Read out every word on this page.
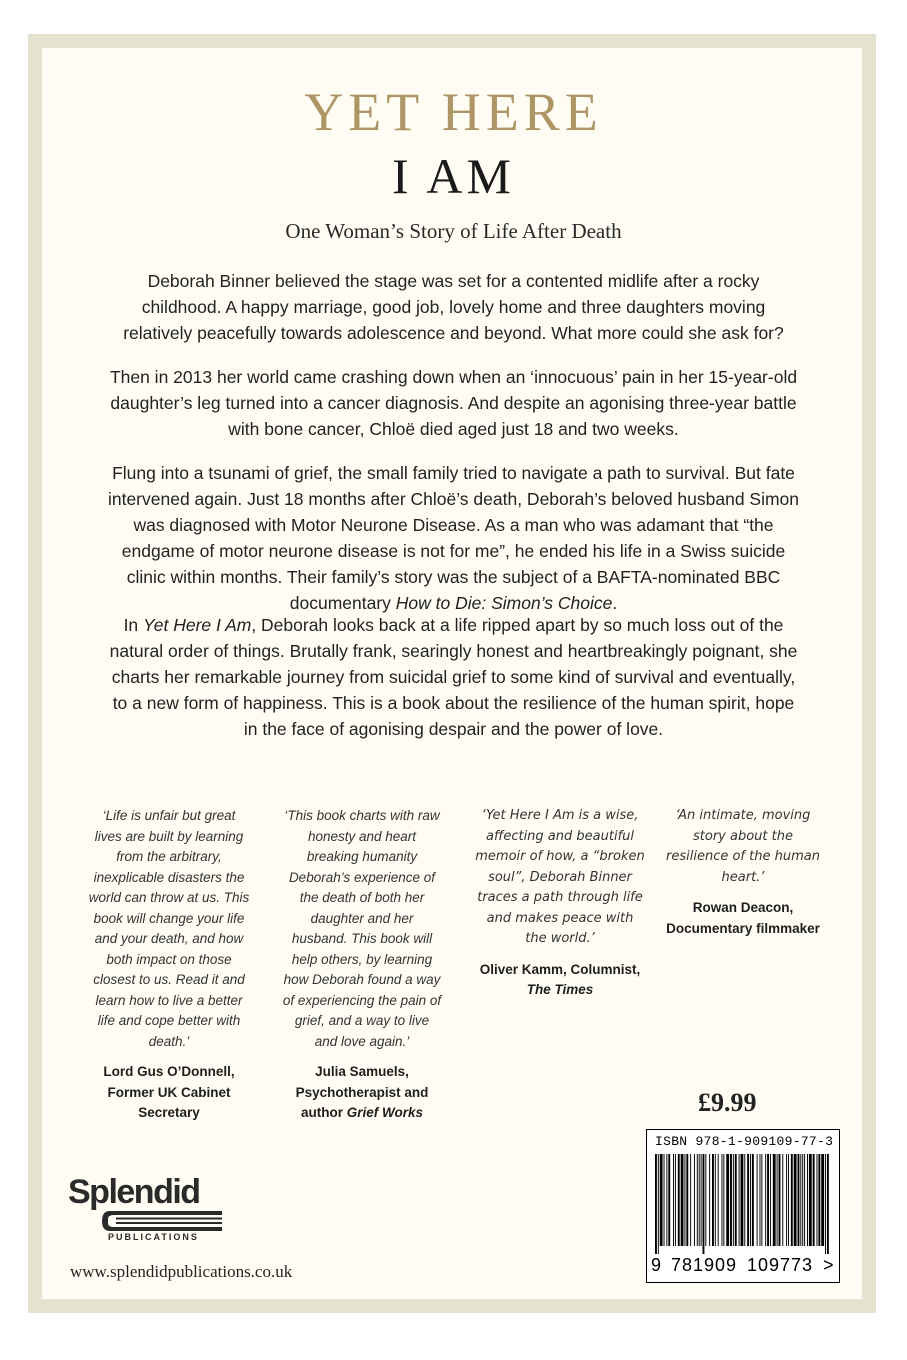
YET HERE
I AM
One Woman’s Story of Life After Death

Deborah Binner believed the stage was set for a contented midlife after a rocky childhood. A happy marriage, good job, lovely home and three daughters moving relatively peacefully towards adolescence and beyond. What more could she ask for?

Then in 2013 her world came crashing down when an ‘innocuous’ pain in her 15-year-old daughter’s leg turned into a cancer diagnosis. And despite an agonising three-year battle with bone cancer, Chloë died aged just 18 and two weeks.

Flung into a tsunami of grief, the small family tried to navigate a path to survival. But fate intervened again. Just 18 months after Chloë’s death, Deborah’s beloved husband Simon was diagnosed with Motor Neurone Disease. As a man who was adamant that “the endgame of motor neurone disease is not for me”, he ended his life in a Swiss suicide clinic within months. Their family’s story was the subject of a BAFTA-nominated BBC documentary How to Die: Simon’s Choice.

In Yet Here I Am, Deborah looks back at a life ripped apart by so much loss out of the natural order of things. Brutally frank, searingly honest and heartbreakingly poignant, she charts her remarkable journey from suicidal grief to some kind of survival and eventually, to a new form of happiness. This is a book about the resilience of the human spirit, hope in the face of agonising despair and the power of love.

‘Life is unfair but great lives are built by learning from the arbitrary, inexplicable disasters the world can throw at us. This book will change your life and your death, and how both impact on those closest to us. Read it and learn how to live a better life and cope better with death.’
Lord Gus O’Donnell, Former UK Cabinet Secretary
‘This book charts with raw honesty and heart breaking humanity Deborah’s experience of the death of both her daughter and her husband. This book will help others, by learning how Deborah found a way of experiencing the pain of grief, and a way to live and love again.’
Julia Samuels, Psychotherapist and author Grief Works
‘Yet Here I Am is a wise, affecting and beautiful memoir of how, a “broken soul”, Deborah Binner traces a path through life and makes peace with the world.’
Oliver Kamm, Columnist, The Times
‘An intimate, moving story about the resilience of the human heart.’
Rowan Deacon, Documentary filmmaker
£9.99
ISBN 978-1-909109-77-3
9 781909 109773 >
Splendid
PUBLICATIONS
www.splendidpublications.co.uk
